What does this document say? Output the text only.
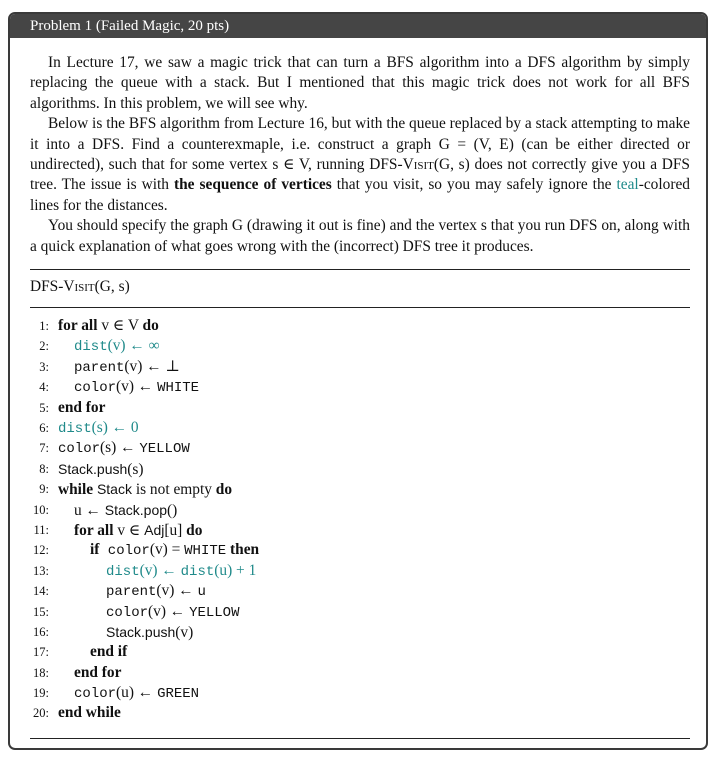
Problem 1 (Failed Magic, 20 pts)

In Lecture 17, we saw a magic trick that can turn a BFS algorithm into a DFS algorithm by simply replacing the queue with a stack. But I mentioned that this magic trick does not work for all BFS algorithms. In this problem, we will see why.

Below is the BFS algorithm from Lecture 16, but with the queue replaced by a stack attempting to make it into a DFS. Find a counterexmaple, i.e. construct a graph G = (V, E) (can be either directed or undirected), such that for some vertex s ∈ V, running DFS-Visit(G, s) does not correctly give you a DFS tree. The issue is with the sequence of vertices that you visit, so you may safely ignore the teal-colored lines for the distances.

You should specify the graph G (drawing it out is fine) and the vertex s that you run DFS on, along with a quick explanation of what goes wrong with the (incorrect) DFS tree it produces.

DFS-Visit(G, s)
1: for all v ∈ V do
2: dist(v) ← ∞
3: parent(v) ← ⊥
4: color(v) ← WHITE
5: end for
6: dist(s) ← 0
7: color(s) ← YELLOW
8: Stack.push(s)
9: while Stack is not empty do
10: u ← Stack.pop()
11: for all v ∈ Adj[u] do
12:	if color(v) = WHITE then
13:	dist(v) ← dist(u) + 1
14:	parent(v) ← u
15:	color(v) ← YELLOW
16:	Stack.push(v)
17:	end if
18: end for
19: color(u) ← GREEN
20: end while
